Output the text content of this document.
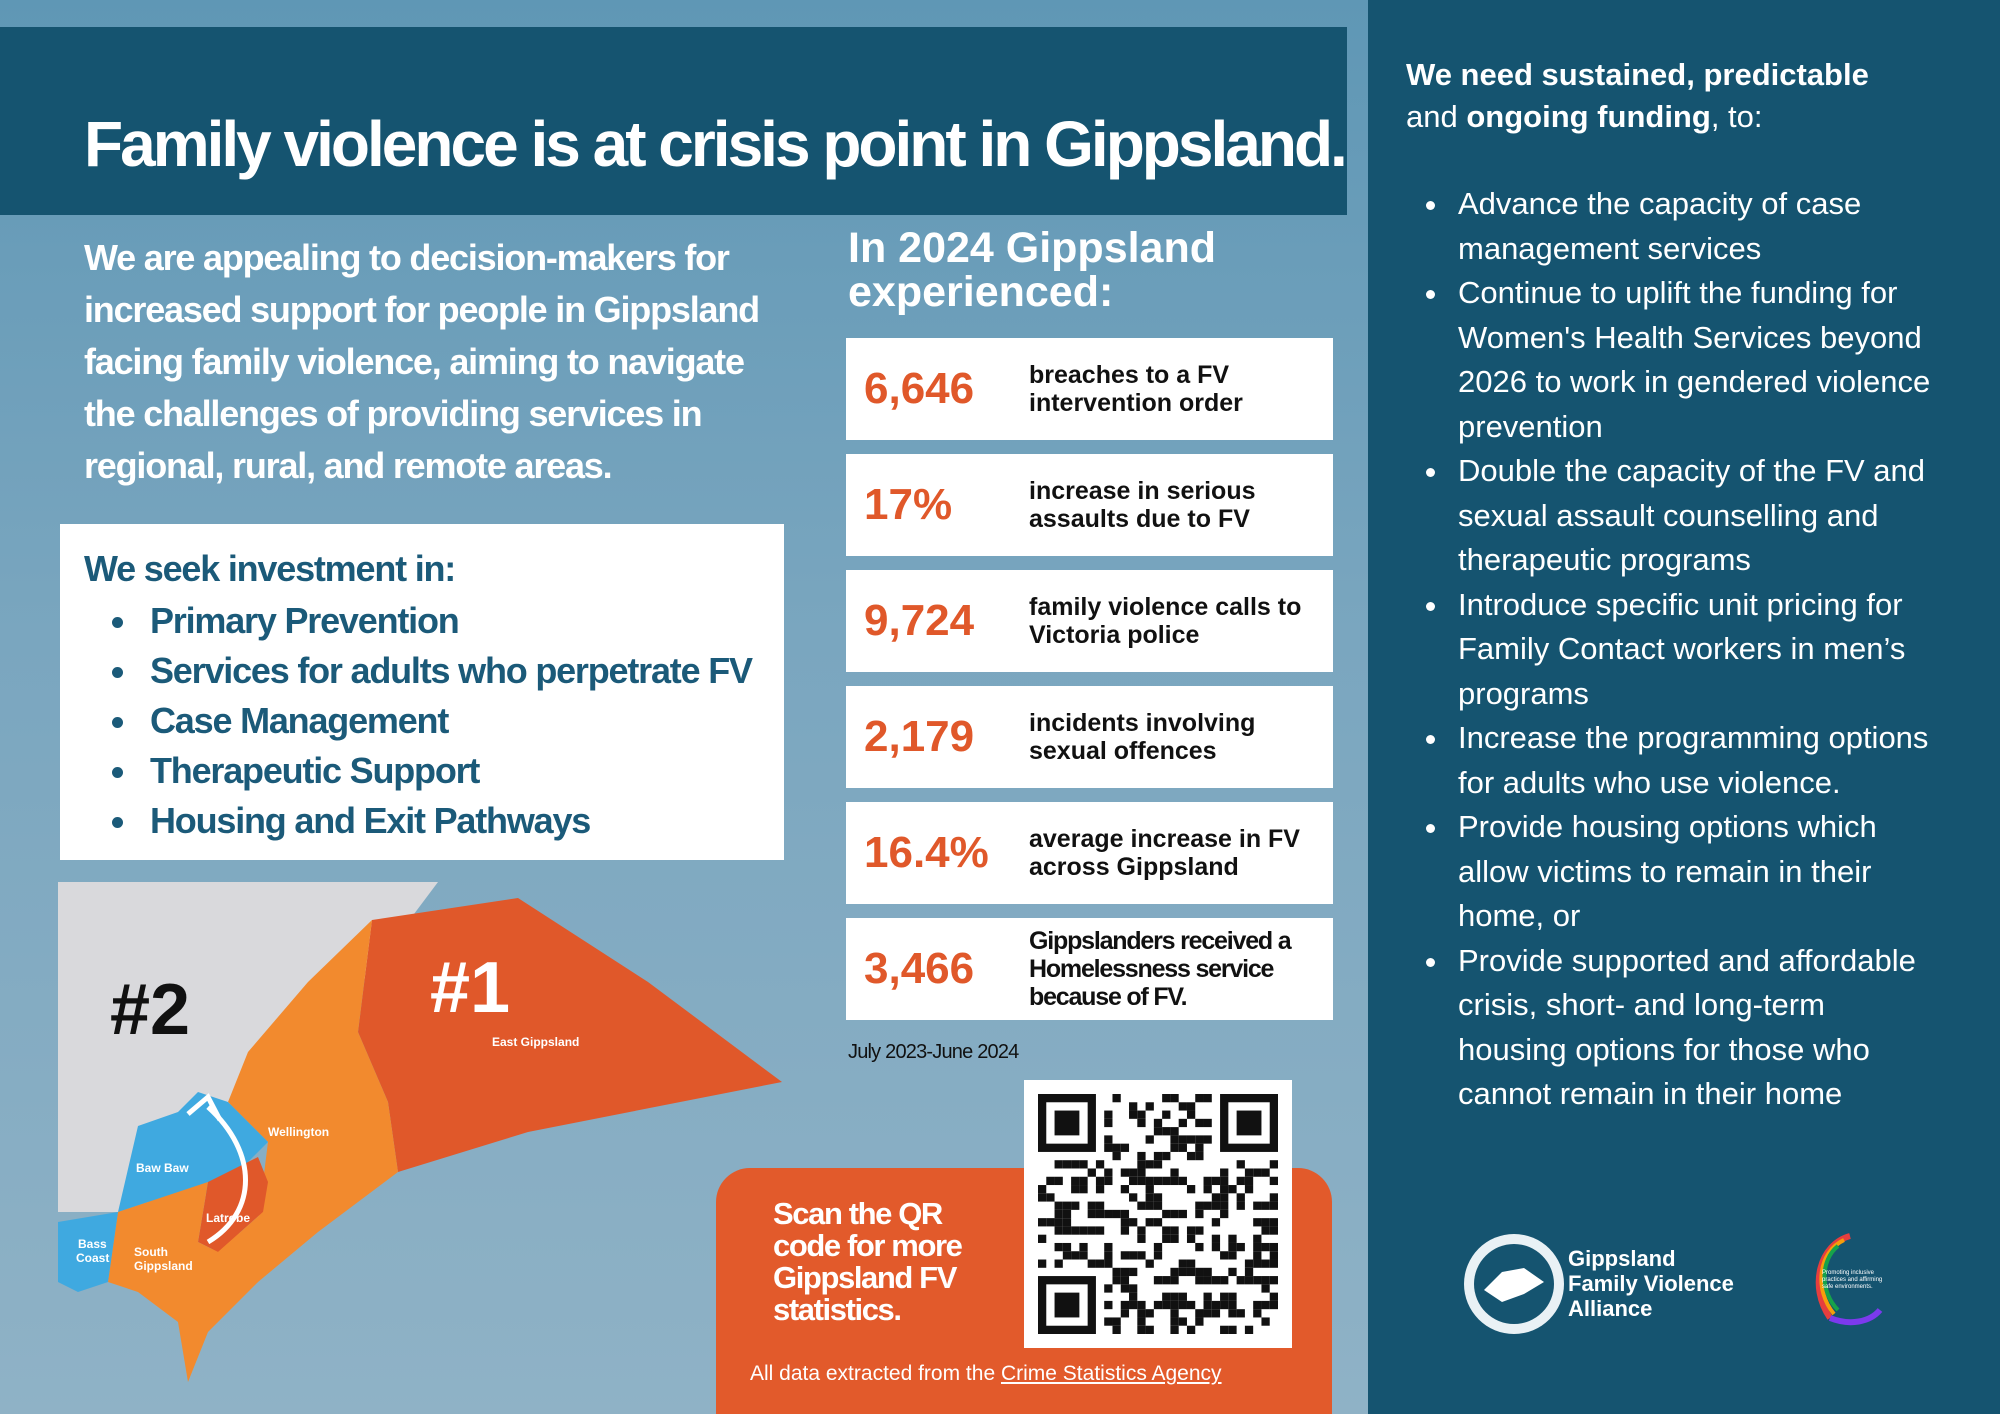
Family violence is at crisis point in Gippsland.

We are appealing to decision-makers for increased support for people in Gippsland facing family violence, aiming to navigate the challenges of providing services in regional, rural, and remote areas.

We seek investment in:
Primary Prevention
Services for adults who perpetrate FV
Case Management
Therapeutic Support
Housing and Exit Pathways
In 2024 Gippsland experienced:
6,646 breaches to a FV intervention order
17%	increase in serious assaults due to FV
9,724 family violence calls to Victoria police
2,179 incidents involving sexual offences
16.4% average increase in FV across Gippsland
3,466
Gippslanders received a Homelessness service because of FV.
July 2023-June 2024
#1
#2	East Gippsland
Wellington
Baw Baw
Latrobe
South
Gippsland
Bass
Coast

Scan the QR code for more Gippsland FV statistics.

All data extracted from the Crime Statistics Agency

We need sustained, predictable
and ongoing funding, to:

Advance the capacity of case management services
Continue to uplift the funding for Women's Health Services beyond 2026 to work in gendered violence prevention
Double the capacity of the FV and sexual assault counselling and therapeutic programs
Introduce specific unit pricing for Family Contact workers in men’s programs
Increase the programming options for adults who use violence.
Provide housing options which allow victims to remain in their home, or
Provide supported and affordable crisis, short- and long-term housing options for those who cannot remain in their home
Gippsland
Family Violence
Alliance
Promoting inclusive practices and affirming safe environments.
